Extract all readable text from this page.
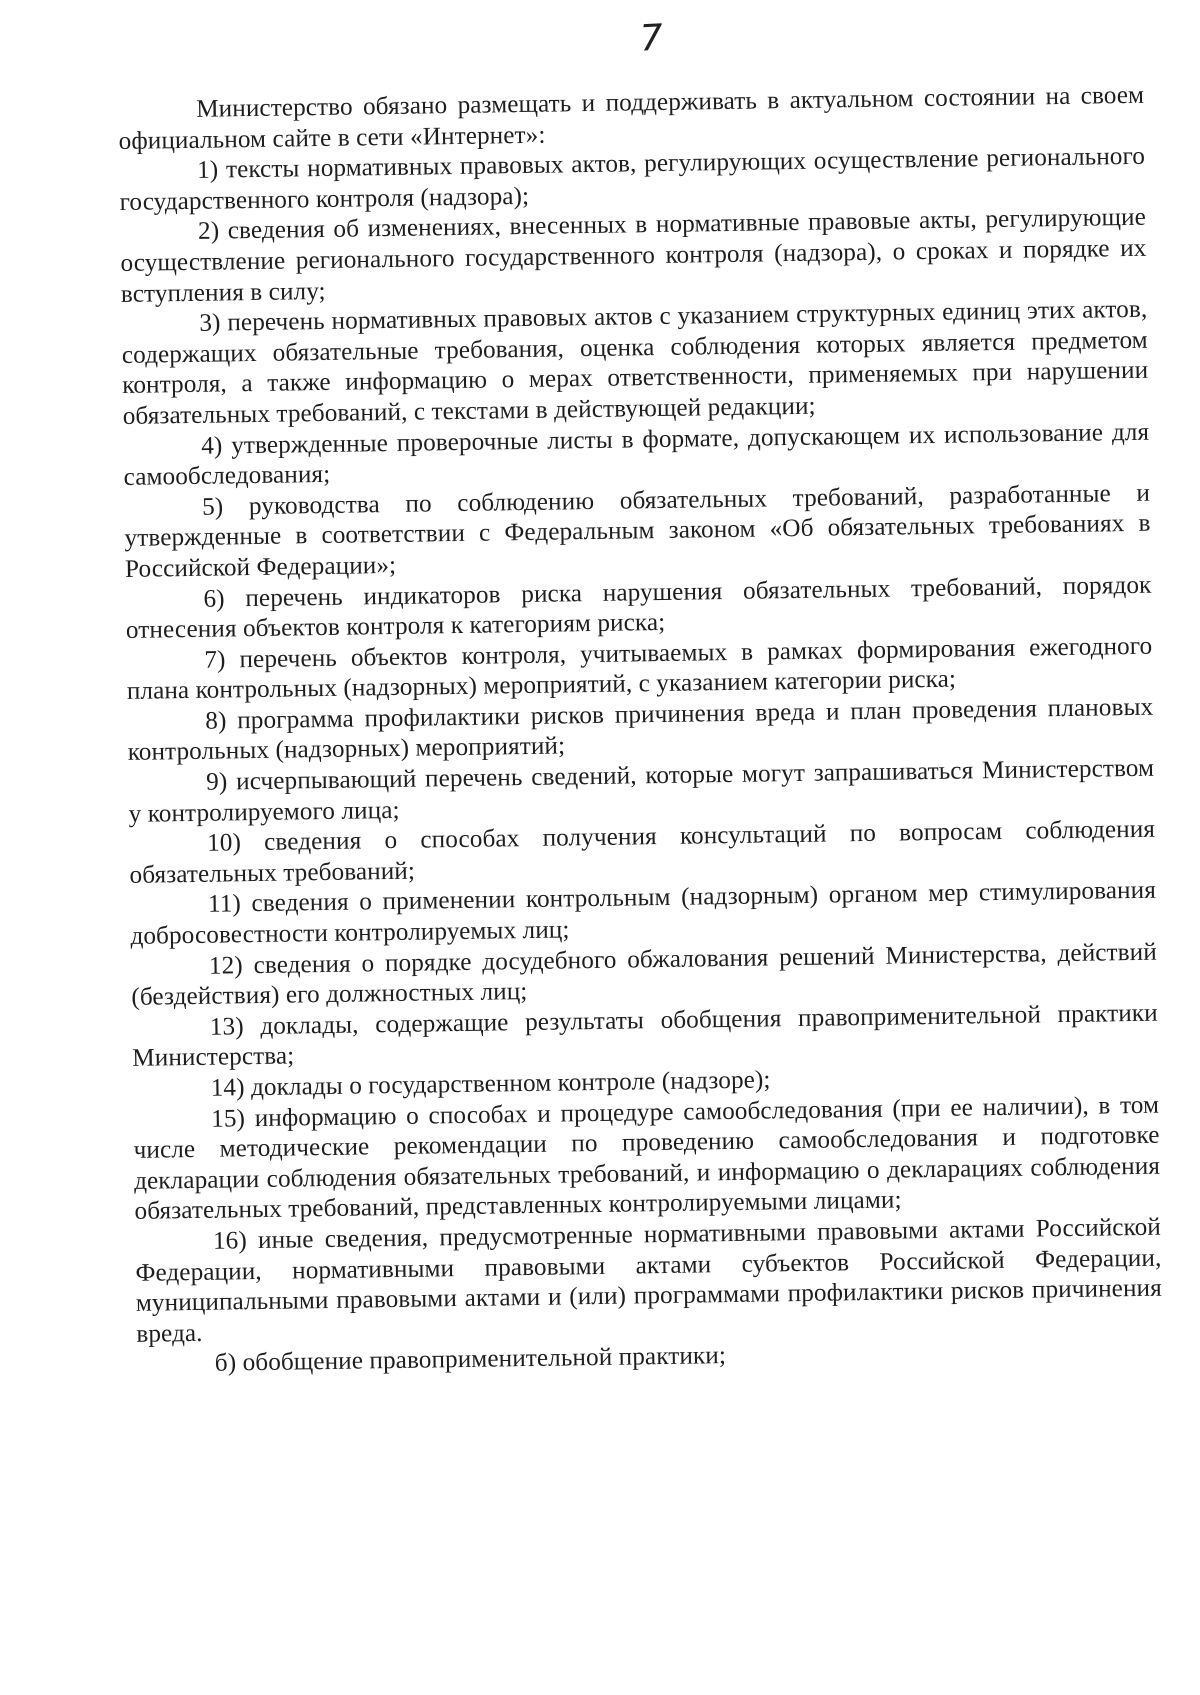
7

Министерство обязано размещать и поддерживать в актуальном состоянии на своем официальном сайте в сети «Интернет»:

1) тексты нормативных правовых актов, регулирующих осуществление регионального государственного контроля (надзора);

2) сведения об изменениях, внесенных в нормативные правовые акты, регулирующие осуществление регионального государственного контроля (надзора), о сроках и порядке их вступления в силу;

3) перечень нормативных правовых актов с указанием структурных единиц этих актов, содержащих обязательные требования, оценка соблюдения которых является предметом контроля, а также информацию о мерах ответственности, применяемых при нарушении обязательных требований, с текстами в действующей редакции;

4) утвержденные проверочные листы в формате, допускающем их использование для самообследования;

5) руководства по соблюдению обязательных требований, разработанные и утвержденные в соответствии с Федеральным законом «Об обязательных требованиях в Российской Федерации»;

6) перечень индикаторов риска нарушения обязательных требований, порядок отнесения объектов контроля к категориям риска;

7) перечень объектов контроля, учитываемых в рамках формирования ежегодного плана контрольных (надзорных) мероприятий, с указанием категории риска;

8) программа профилактики рисков причинения вреда и план проведения плановых контрольных (надзорных) мероприятий;

9) исчерпывающий перечень сведений, которые могут запрашиваться Министерством у контролируемого лица;

10) сведения о способах получения консультаций по вопросам соблюдения обязательных требований;

11) сведения о применении контрольным (надзорным) органом мер стимулирования добросовестности контролируемых лиц;

12) сведения о порядке досудебного обжалования решений Министерства, действий (бездействия) его должностных лиц;

13) доклады, содержащие результаты обобщения правоприменительной практики Министерства;

14) доклады о государственном контроле (надзоре);

15) информацию о способах и процедуре самообследования (при ее наличии), в том числе методические рекомендации по проведению самообследования и подготовке декларации соблюдения обязательных требований, и информацию о декларациях соблюдения обязательных требований, представленных контролируемыми лицами;

16) иные сведения, предусмотренные нормативными правовыми актами Российской Федерации, нормативными правовыми актами субъектов Российской Федерации, муниципальными правовыми актами и (или) программами профилактики рисков причинения вреда.

б) обобщение правоприменительной практики;
